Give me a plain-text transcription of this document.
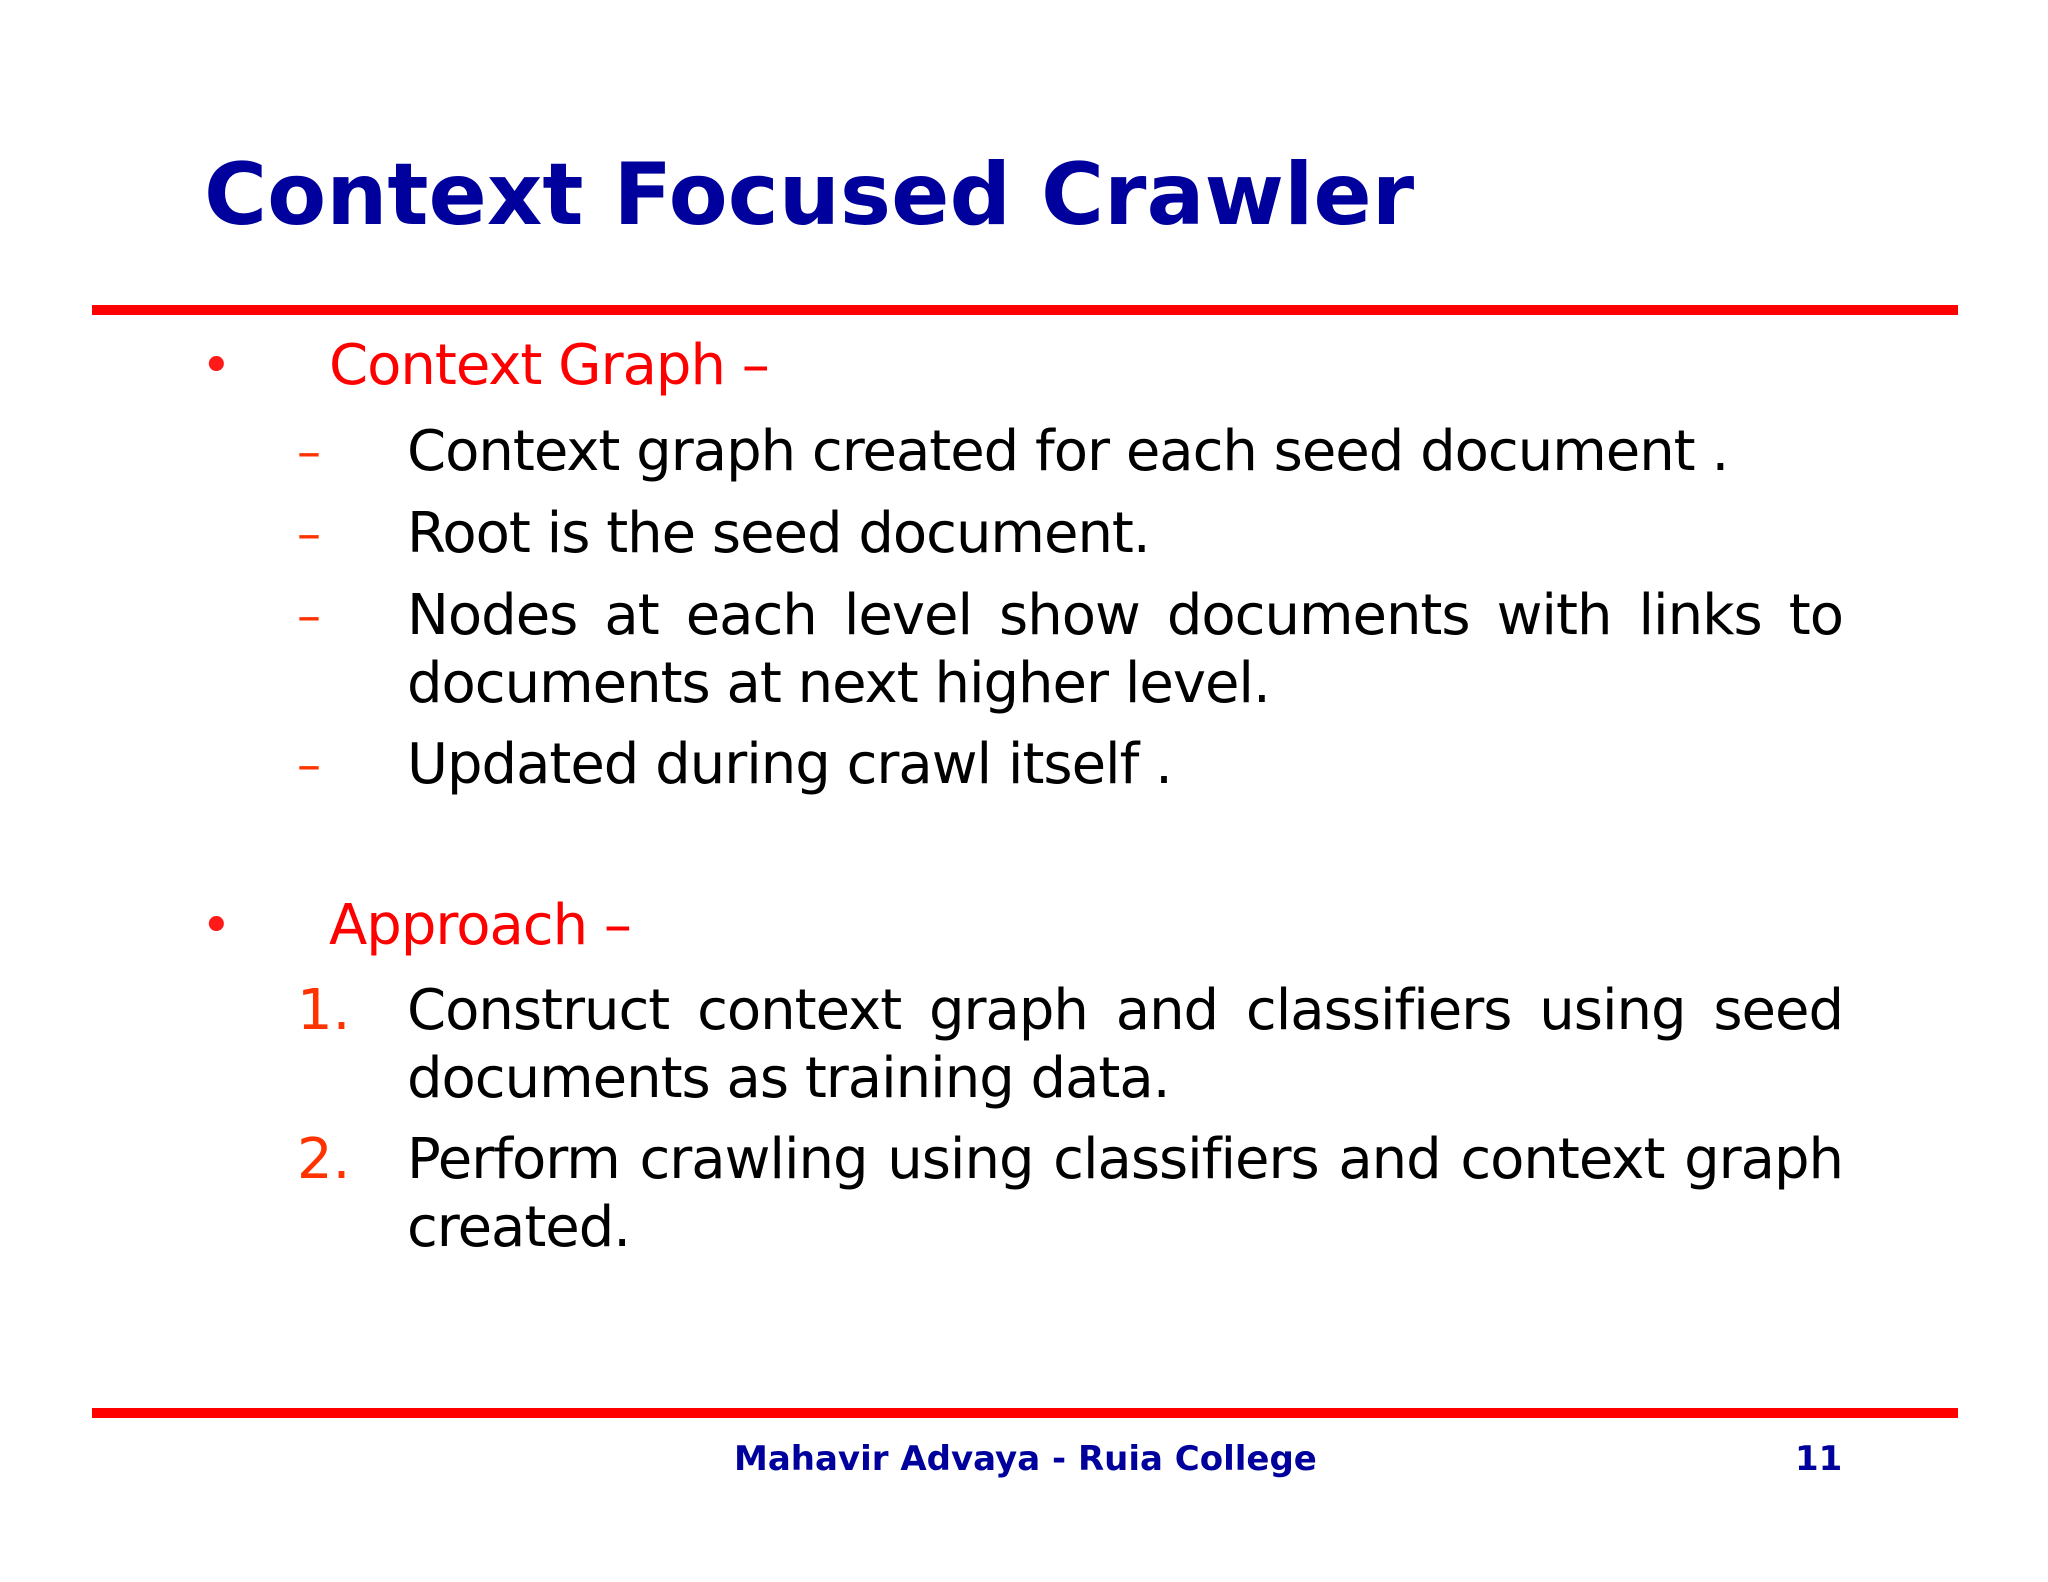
Context Focused Crawler
• Context Graph –
– Context graph created for each seed document .

– Root is the seed document.

– Nodes at each level show documents with links to documents at next higher level.

– Updated during crawl itself .

• Approach –
1. Construct context graph and classifiers using seed documents as training data.

2. Perform crawling using classifiers and context graph created.

Mahavir Advaya - Ruia College	11
